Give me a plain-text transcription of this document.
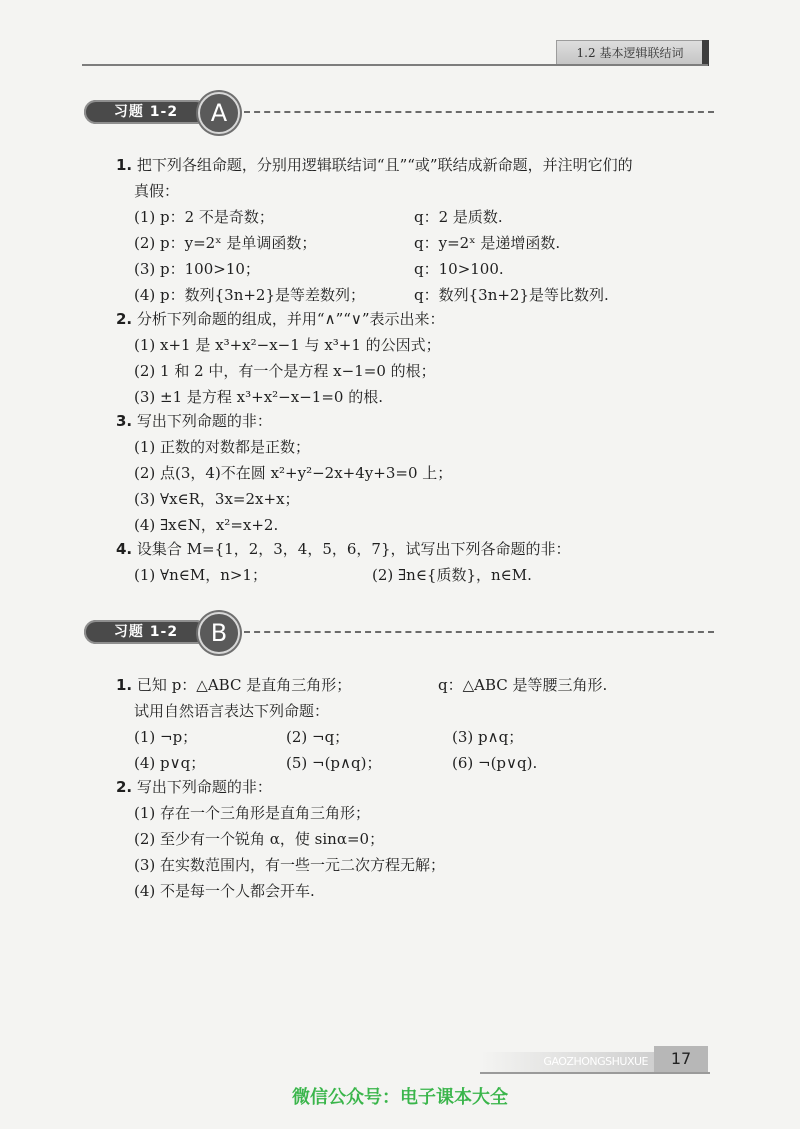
1.2 基本逻辑联结词
习题 1-2	A
1. 把下列各组命题，分别用逻辑联结词“且”“或”联结成新命题，并注明它们的
真假：
(1) p：2 不是奇数；	q：2 是质数.
(2) p：y=2ˣ 是单调函数；	q：y=2ˣ 是递增函数.
(3) p：100>10；	q：10>100.
(4) p：数列{3n+2}是等差数列；	q：数列{3n+2}是等比数列.
2. 分析下列命题的组成，并用“∧”“∨”表示出来：
(1) x+1 是 x³+x²−x−1 与 x³+1 的公因式；
(2) 1 和 2 中，有一个是方程 x−1=0 的根；
(3) ±1 是方程 x³+x²−x−1=0 的根.
3. 写出下列命题的非：
(1) 正数的对数都是正数；
(2) 点(3，4)不在圆 x²+y²−2x+4y+3=0 上；
(3) ∀x∈R，3x=2x+x；
(4) ∃x∈N，x²=x+2.
4. 设集合 M={1，2，3，4，5，6，7}，试写出下列各命题的非：
(1) ∀n∈M，n>1；	(2) ∃n∈{质数}，n∈M.
习题 1-2	B
1. 已知 p：△ABC 是直角三角形；	q：△ABC 是等腰三角形.
试用自然语言表达下列命题：
(1) ¬p；	(2) ¬q；	(3) p∧q；
(4) p∨q；	(5) ¬(p∧q)；	(6) ¬(p∨q).
2. 写出下列命题的非：
(1) 存在一个三角形是直角三角形；
(2) 至少有一个锐角 α，使 sinα=0；
(3) 在实数范围内，有一些一元二次方程无解；
(4) 不是每一个人都会开车.
GAOZHONGSHUXUE	17
微信公众号：电子课本大全
